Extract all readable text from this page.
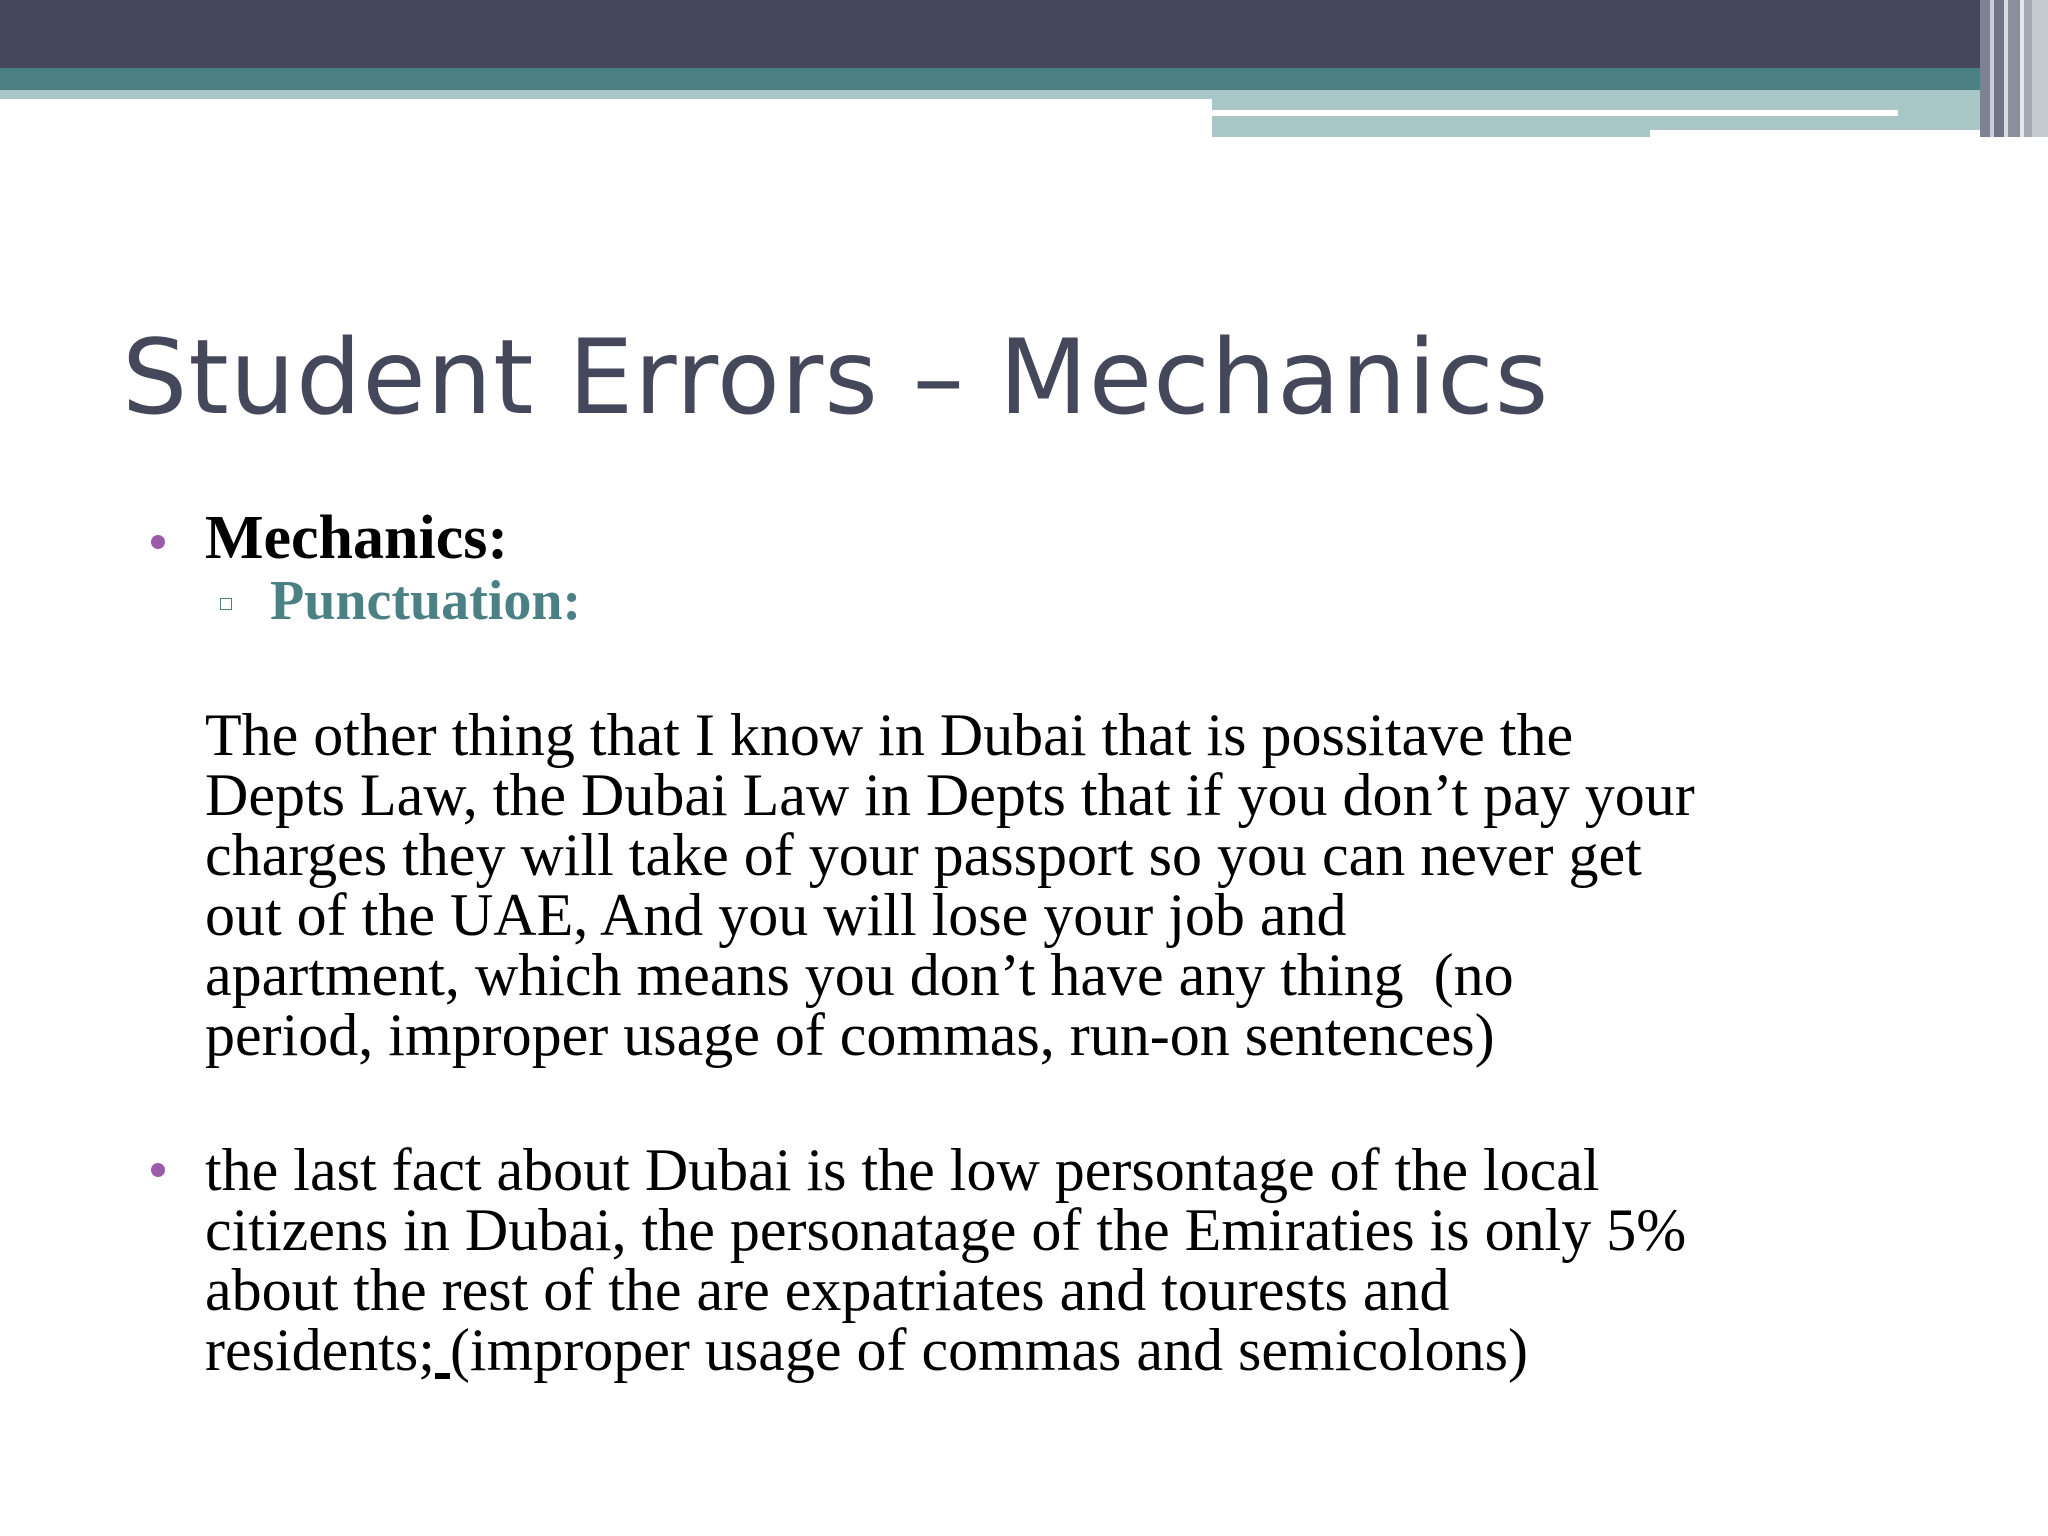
Student Errors – Mechanics
Mechanics:
Punctuation:
The other thing that I know in Dubai that is possitave the
Depts Law, the Dubai Law in Depts that if you don’t pay your
charges they will take of your passport so you can never get
out of the UAE, And you will lose your job and
apartment, which means you don’t have any thing  (no
period, improper usage of commas, run-on sentences)
the last fact about Dubai is the low persontage of the local
citizens in Dubai, the personatage of the Emiraties is only 5%
about the rest of the are expatriates and tourests and
residents; (improper usage of commas and semicolons)
